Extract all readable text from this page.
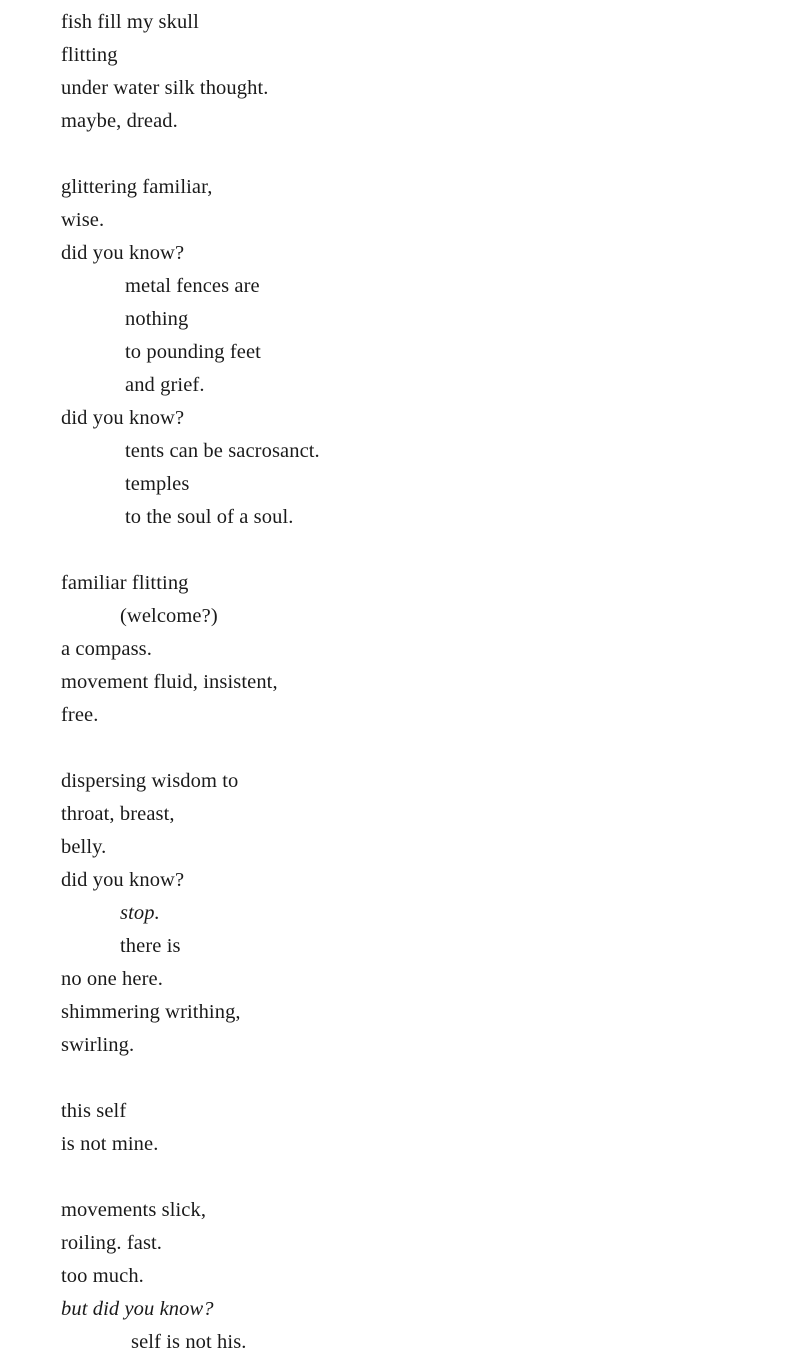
fish fill my skull
flitting
under water silk thought.
maybe, dread.
glittering familiar,
wise.
did you know?
metal fences are
nothing
to pounding feet
and grief.
did you know?
tents can be sacrosanct.
temples
to the soul of a soul.
familiar flitting
(welcome?)
a compass.
movement fluid, insistent,
free.
dispersing wisdom to
throat, breast,
belly.
did you know?
stop.
there is
no one here.
shimmering writhing,
swirling.
this self
is not mine.
movements slick,
roiling. fast.
too much.
but did you know?
self is not his.
